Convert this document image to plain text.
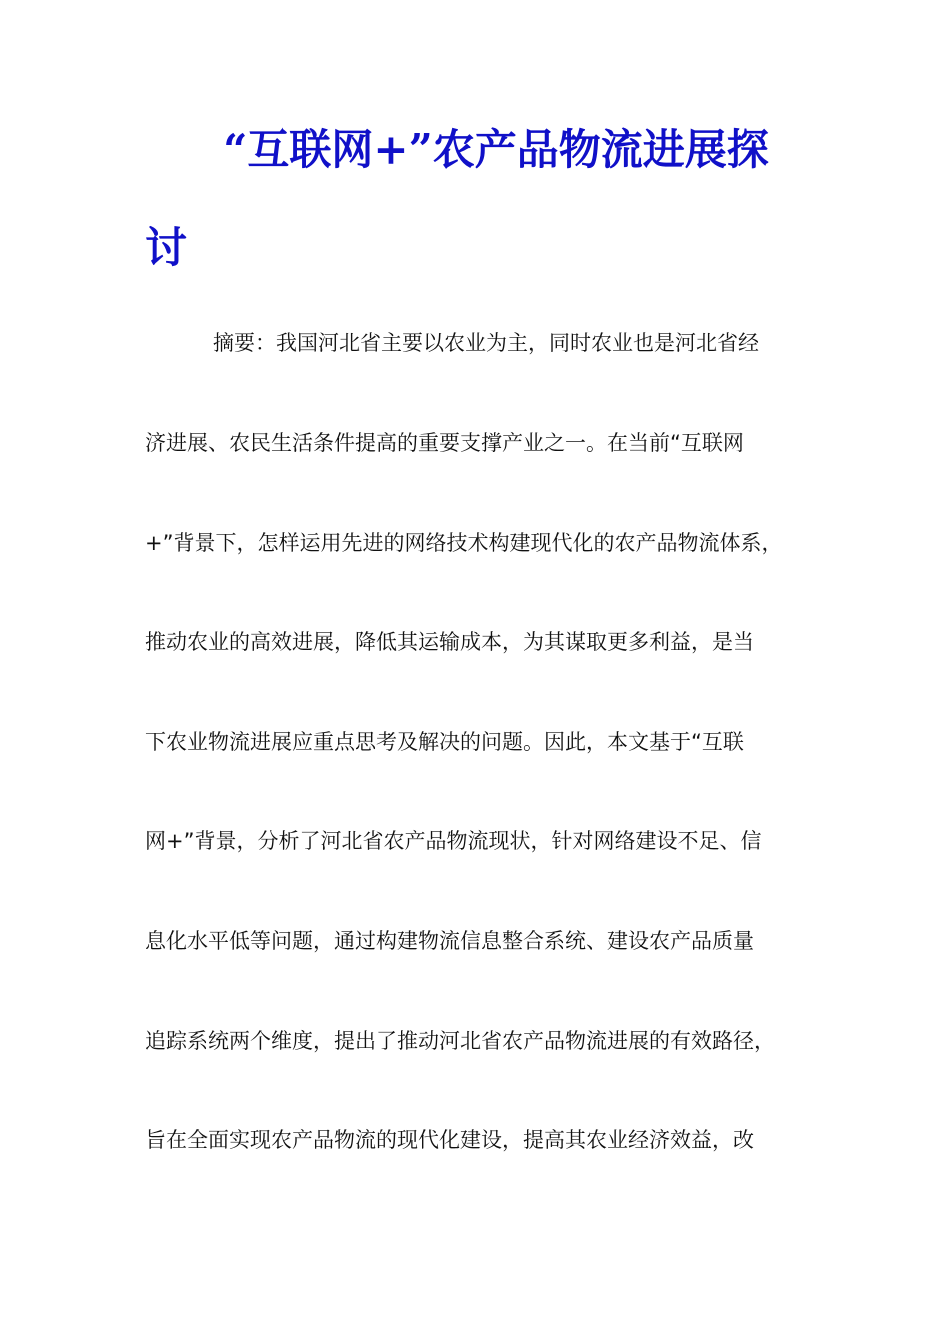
“互联网+”农产品物流进展探
讨
摘要：我国河北省主要以农业为主，同时农业也是河北省经
济进展、农民生活条件提高的重要支撑产业之一。在当前“互联网
+”背景下，怎样运用先进的网络技术构建现代化的农产品物流体系，
推动农业的高效进展，降低其运输成本，为其谋取更多利益，是当
下农业物流进展应重点思考及解决的问题。因此，本文基于“互联
网+”背景，分析了河北省农产品物流现状，针对网络建设不足、信
息化水平低等问题，通过构建物流信息整合系统、建设农产品质量
追踪系统两个维度，提出了推动河北省农产品物流进展的有效路径，
旨在全面实现农产品物流的现代化建设，提高其农业经济效益，改
